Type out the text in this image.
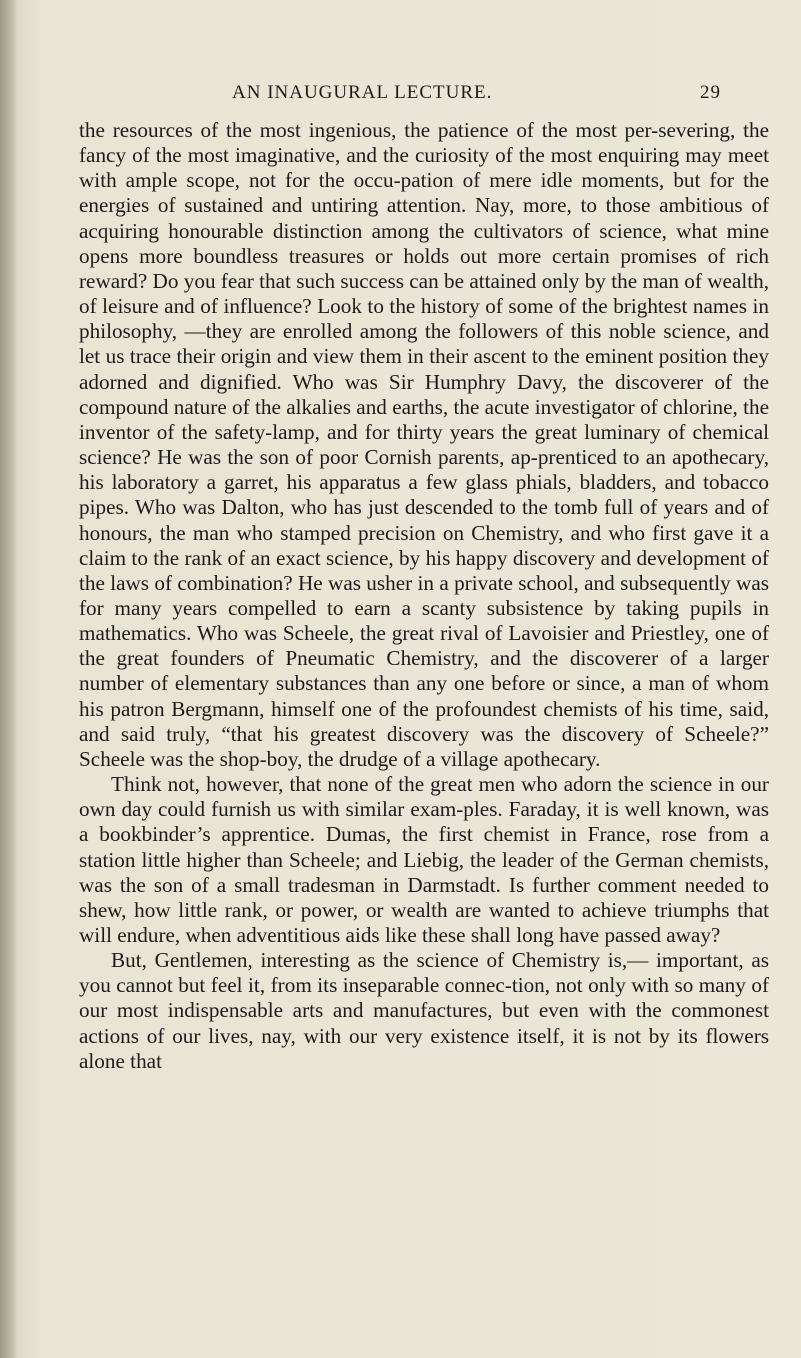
AN INAUGURAL LECTURE.	29

the resources of the most ingenious, the patience of the most per-severing, the fancy of the most imaginative, and the curiosity of the most enquiring may meet with ample scope, not for the occu-pation of mere idle moments, but for the energies of sustained and untiring attention. Nay, more, to those ambitious of acquiring honourable distinction among the cultivators of science, what mine opens more boundless treasures or holds out more certain promises of rich reward? Do you fear that such success can be attained only by the man of wealth, of leisure and of influence? Look to the history of some of the brightest names in philosophy, —they are enrolled among the followers of this noble science, and let us trace their origin and view them in their ascent to the eminent position they adorned and dignified. Who was Sir Humphry Davy, the discoverer of the compound nature of the alkalies and earths, the acute investigator of chlorine, the inventor of the safety-lamp, and for thirty years the great luminary of chemical science? He was the son of poor Cornish parents, ap-prenticed to an apothecary, his laboratory a garret, his apparatus a few glass phials, bladders, and tobacco pipes. Who was Dalton, who has just descended to the tomb full of years and of honours, the man who stamped precision on Chemistry, and who first gave it a claim to the rank of an exact science, by his happy discovery and development of the laws of combination? He was usher in a private school, and subsequently was for many years compelled to earn a scanty subsistence by taking pupils in mathematics. Who was Scheele, the great rival of Lavoisier and Priestley, one of the great founders of Pneumatic Chemistry, and the discoverer of a larger number of elementary substances than any one before or since, a man of whom his patron Bergmann, himself one of the profoundest chemists of his time, said, and said truly, “that his greatest discovery was the discovery of Scheele?” Scheele was the shop-boy, the drudge of a village apothecary.

Think not, however, that none of the great men who adorn the science in our own day could furnish us with similar exam-ples. Faraday, it is well known, was a bookbinder’s apprentice. Dumas, the first chemist in France, rose from a station little higher than Scheele; and Liebig, the leader of the German chemists, was the son of a small tradesman in Darmstadt. Is further comment needed to shew, how little rank, or power, or wealth are wanted to achieve triumphs that will endure, when adventitious aids like these shall long have passed away?

But, Gentlemen, interesting as the science of Chemistry is,— important, as you cannot but feel it, from its inseparable connec-tion, not only with so many of our most indispensable arts and manufactures, but even with the commonest actions of our lives, nay, with our very existence itself, it is not by its flowers alone that
